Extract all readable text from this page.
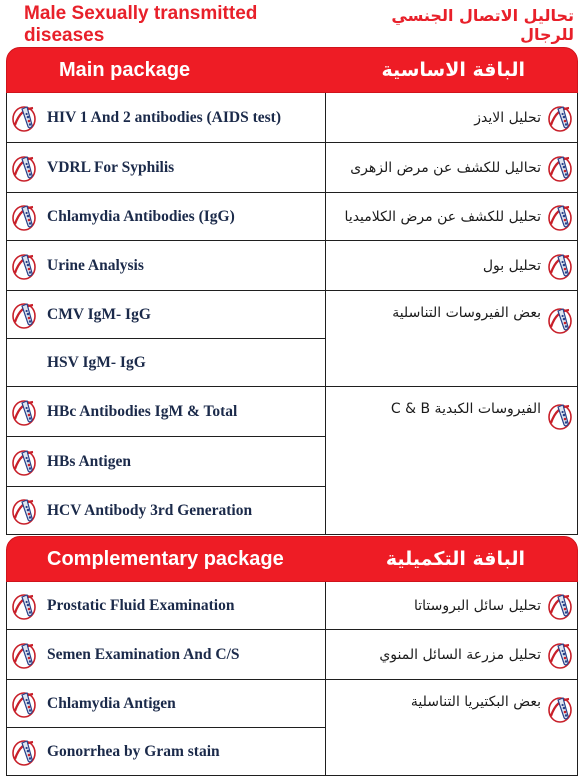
Male Sexually transmitted diseases
تحاليل الاتصال الجنسي للرجال
Main package	الباقة الاساسية
HIV 1 And 2 antibodies (AIDS test)
VDRL For Syphilis
Chlamydia Antibodies (IgG)
Urine Analysis
CMV IgM- IgG
HSV IgM- IgG
HBc Antibodies IgM & Total
HBs Antigen
HCV Antibody 3rd Generation
تحليل الايدز
تحاليل للكشف عن مرض الزهرى
تحليل للكشف عن مرض الكلاميديا
تحليل بول
بعض الفيروسات التناسلية
الفيروسات الكبدية C & B
Complementary package	الباقة التكميلية
Prostatic Fluid Examination
Semen Examination And C/S
Chlamydia Antigen
Gonorrhea by Gram stain
تحليل سائل البروستاتا
تحليل مزرعة السائل المنوي
بعض البكتيريا التناسلية
